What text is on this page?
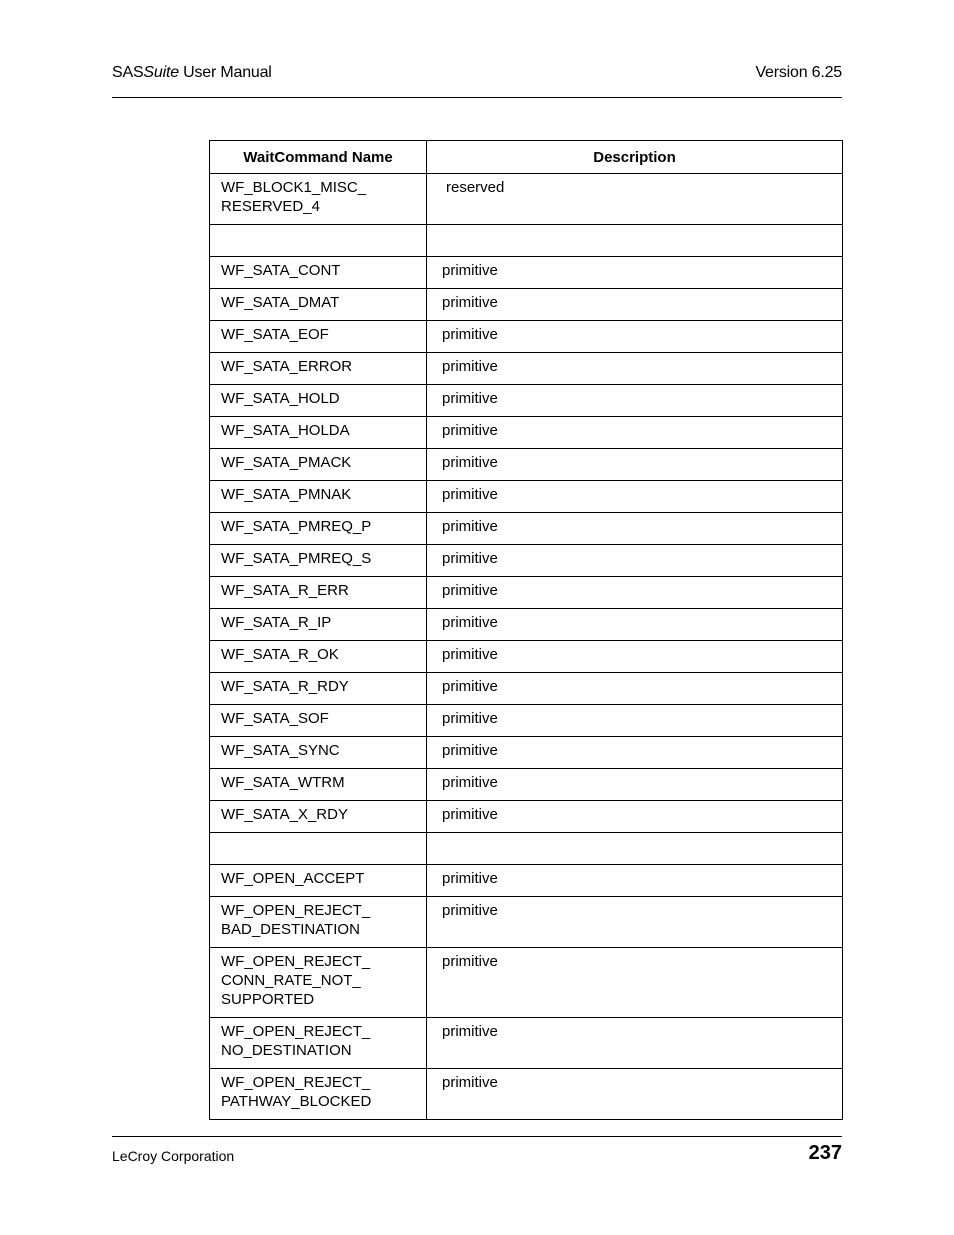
SASSuite User Manual	Version 6.25
WaitCommand Name	Description
WF_BLOCK1_MISC_
RESERVED_4	reserved

WF_SATA_CONT	primitive
WF_SATA_DMAT	primitive
WF_SATA_EOF	primitive
WF_SATA_ERROR	primitive
WF_SATA_HOLD	primitive
WF_SATA_HOLDA	primitive
WF_SATA_PMACK	primitive
WF_SATA_PMNAK	primitive
WF_SATA_PMREQ_P	primitive
WF_SATA_PMREQ_S	primitive
WF_SATA_R_ERR	primitive
WF_SATA_R_IP	primitive
WF_SATA_R_OK	primitive
WF_SATA_R_RDY	primitive
WF_SATA_SOF	primitive
WF_SATA_SYNC	primitive
WF_SATA_WTRM	primitive
WF_SATA_X_RDY	primitive

WF_OPEN_ACCEPT	primitive
WF_OPEN_REJECT_
BAD_DESTINATION	primitive
WF_OPEN_REJECT_
CONN_RATE_NOT_
SUPPORTED	primitive
WF_OPEN_REJECT_
NO_DESTINATION	primitive
WF_OPEN_REJECT_
PATHWAY_BLOCKED	primitive
LeCroy Corporation	237
